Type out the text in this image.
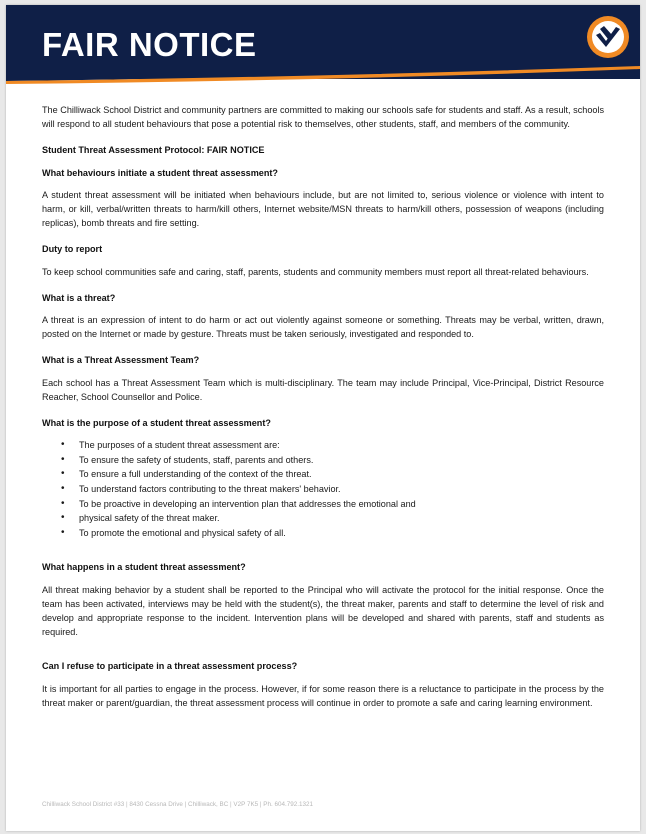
FAIR NOTICE

The Chilliwack School District and community partners are committed to making our schools safe for students and staff. As a result, schools will respond to all student behaviours that pose a potential risk to themselves, other students, staff, and members of the community.

Student Threat Assessment Protocol: FAIR NOTICE
What behaviours initiate a student threat assessment?

A student threat assessment will be initiated when behaviours include, but are not limited to, serious violence or violence with intent to harm, or kill, verbal/written threats to harm/kill others, Internet website/MSN threats to harm/kill others, possession of weapons (including replicas), bomb threats and fire setting.

Duty to report

To keep school communities safe and caring, staff, parents, students and community members must report all threat-related behaviours.

What is a threat?

A threat is an expression of intent to do harm or act out violently against someone or something. Threats may be verbal, written, drawn, posted on the Internet or made by gesture. Threats must be taken seriously, investigated and responded to.

What is a Threat Assessment Team?

Each school has a Threat Assessment Team which is multi-disciplinary. The team may include Principal, Vice-Principal, District Resource Reacher, School Counsellor and Police.

What is the purpose of a student threat assessment?
• The purposes of a student threat assessment are:
• To ensure the safety of students, staff, parents and others.
• To ensure a full understanding of the context of the threat.
• To understand factors contributing to the threat makers' behavior.
• To be proactive in developing an intervention plan that addresses the emotional and
• physical safety of the threat maker.
• To promote the emotional and physical safety of all.
What happens in a student threat assessment?

All threat making behavior by a student shall be reported to the Principal who will activate the protocol for the initial response. Once the team has been activated, interviews may be held with the student(s), the threat maker, parents and staff to determine the level of risk and develop and appropriate response to the incident. Intervention plans will be developed and shared with parents, staff and students as required.

Can I refuse to participate in a threat assessment process?

It is important for all parties to engage in the process. However, if for some reason there is a reluctance to participate in the process by the threat maker or parent/guardian, the threat assessment process will continue in order to promote a safe and caring learning environment.

Chilliwack School District #33 | 8430 Cessna Drive | Chilliwack, BC | V2P 7K5 | Ph. 604.792.1321
